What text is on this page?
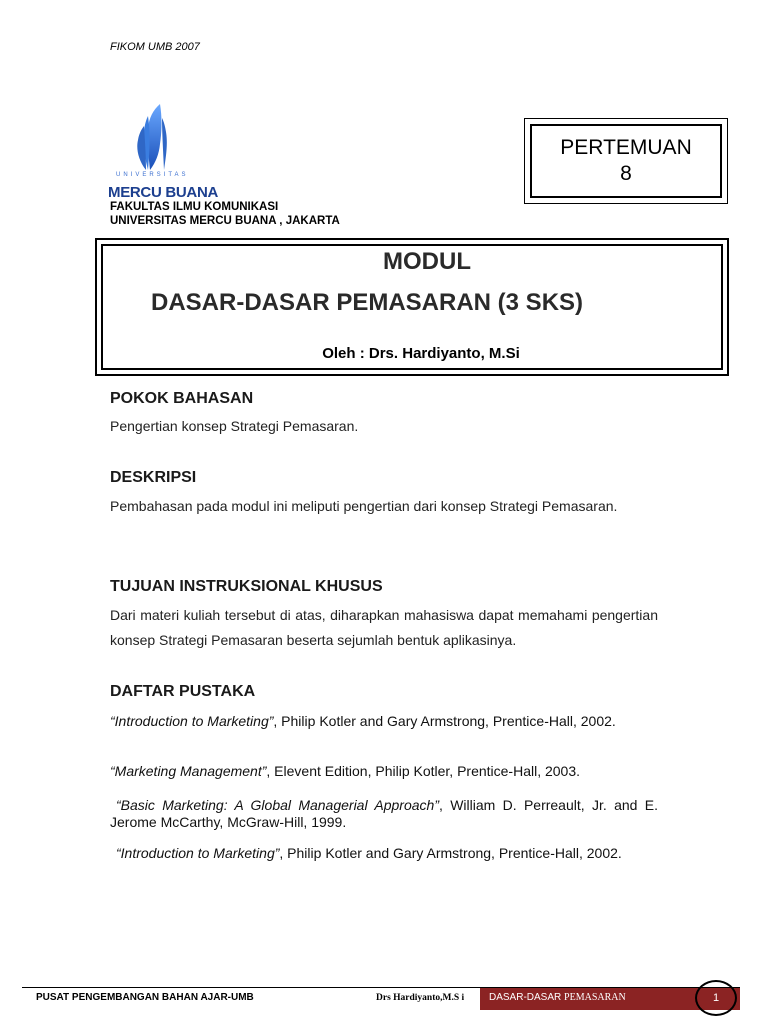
FIKOM UMB 2007
UNIVERSITAS
MERCU BUANA
FAKULTAS ILMU KOMUNIKASI
UNIVERSITAS MERCU BUANA , JAKARTA
PERTEMUAN
8
MODUL
DASAR-DASAR PEMASARAN (3 SKS)
Oleh : Drs. Hardiyanto, M.Si
POKOK BAHASAN
Pengertian konsep Strategi Pemasaran.
DESKRIPSI
Pembahasan pada modul ini meliputi pengertian dari konsep Strategi Pemasaran.
TUJUAN INSTRUKSIONAL KHUSUS
Dari materi kuliah tersebut di atas, diharapkan mahasiswa dapat memahami pengertian konsep Strategi Pemasaran beserta sejumlah bentuk aplikasinya.
DAFTAR PUSTAKA
“Introduction to Marketing”, Philip Kotler and Gary Armstrong, Prentice-Hall, 2002.
“Marketing Management”, Elevent Edition, Philip Kotler, Prentice-Hall, 2003.
“Basic Marketing: A Global Managerial Approach”, William D. Perreault, Jr. and E. Jerome McCarthy, McGraw-Hill, 1999.
“Introduction to Marketing”, Philip Kotler and Gary Armstrong, Prentice-Hall, 2002.
PUSAT PENGEMBANGAN BAHAN AJAR-UMB	Drs Hardiyanto,M.S i DASAR-DASAR PEMASARAN	1
